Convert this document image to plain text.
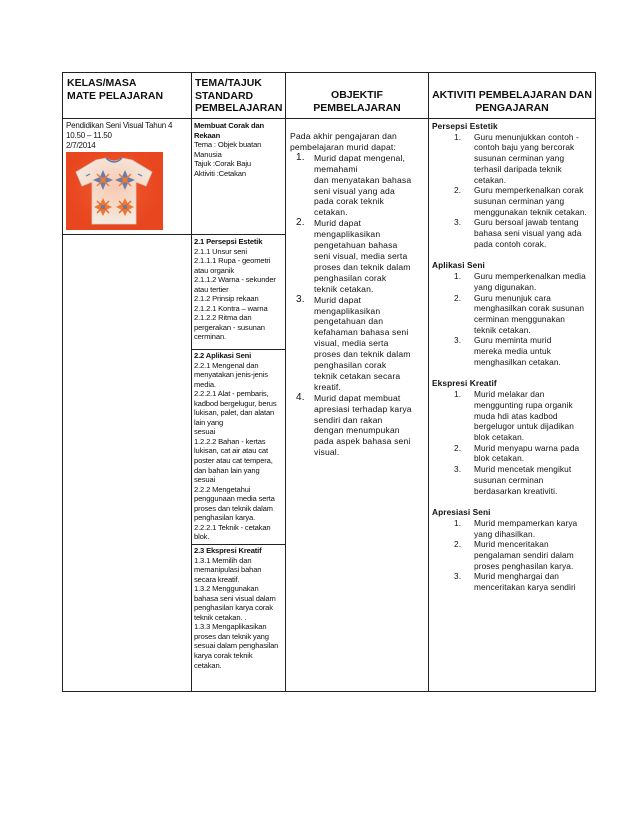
KELAS/MASA
MATE PELAJARAN
TEMA/TAJUK
STANDARD
PEMBELAJARAN
OBJEKTIF PEMBELAJARAN
AKTIVITI PEMBELAJARAN DAN
PENGAJARAN
Pendidikan Seni Visual Tahun 4
10.50 – 11.50
2/7/2014
Membuat Corak dan
Rekaan
Tema : Objek buatan
Manusia
Tajuk :Corak Baju
Aktiviti :Cetakan
2.1 Persepsi Estetik
2.1.1 Unsur seni
2.1.1.1 Rupa - geometri
atau organik
2.1.1.2 Warna - sekunder
atau tertier
2.1.2 Prinsip rekaan
2.1.2.1 Kontra – warna
2.1.2.2 Ritma dan
pergerakan - susunan
cerminan.
2.2 Aplikasi Seni
2.2.1 Mengenal dan
menyatakan jenis-jenis
media.
2.2.2.1 Alat - pembaris,
kadbod bergelugur, berus
lukisan, palet, dan alatan
lain yang
sesuai
1.2.2.2 Bahan - kertas
lukisan, cat air atau cat
poster atau cat tempera,
dan bahan lain yang
sesuai
2.2.2 Mengetahui
penggunaan media serta
proses dan teknik dalam
penghasilan karya.
2.2.2.1 Teknik - cetakan
blok.
2.3 Ekspresi Kreatif
1.3.1 Memilih dan
memanipulasi bahan
secara kreatif.
1.3.2 Menggunakan
bahasa seni visual dalam
penghasilan karya corak
teknik cetakan. .
1.3.3 Mengaplikasikan
proses dan teknik yang
sesuai dalam penghasilan
karya corak teknik
cetakan.
Pada akhir pengajaran dan
pembelajaran murid dapat:
1. Murid dapat mengenal,
memahami
dan menyatakan bahasa
seni visual yang ada
pada corak teknik
cetakan.
2. Murid dapat
mengaplikasikan
pengetahuan bahasa
seni visual, media serta
proses dan teknik dalam
penghasilan corak
teknik cetakan.
3. Murid dapat
mengaplikasikan
pengetahuan dan
kefahaman bahasa seni
visual, media serta
proses dan teknik dalam
penghasilan corak
teknik cetakan secara
kreatif.
4. Murid dapat membuat
apresiasi terhadap karya
sendiri dan rakan
dengan menumpukan
pada aspek bahasa seni
visual.
Persepsi Estetik
1. Guru menunjukkan contoh -
contoh baju yang bercorak
susunan cerminan yang
terhasil daripada teknik
cetakan.
2. Guru memperkenalkan corak
susunan cerminan yang
menggunakan teknik cetakan.
3. Guru bersoal jawab tentang
bahasa seni visual yang ada
pada contoh corak.
Aplikasi Seni
1. Guru memperkenalkan media
yang digunakan.
2. Guru menunjuk cara
menghasilkan corak susunan
cerminan menggunakan
teknik cetakan.
3. Guru meminta murid
mereka media untuk
menghasilkan cetakan.
Ekspresi Kreatif
1. Murid melakar dan
menggunting rupa organik
muda hdi atas kadbod
bergelugor untuk dijadikan
blok cetakan.
2. Murid menyapu warna pada
blok cetakan.
3. Murid mencetak mengikut
susunan cerminan
berdasarkan kreativiti.
Apresiasi Seni
1. Murid mempamerkan karya
yang dihasilkan.
2. Murid menceritakan
pengalaman sendiri dalam
proses penghasilan karya.
3. Murid menghargai dan
menceritakan karya sendiri
